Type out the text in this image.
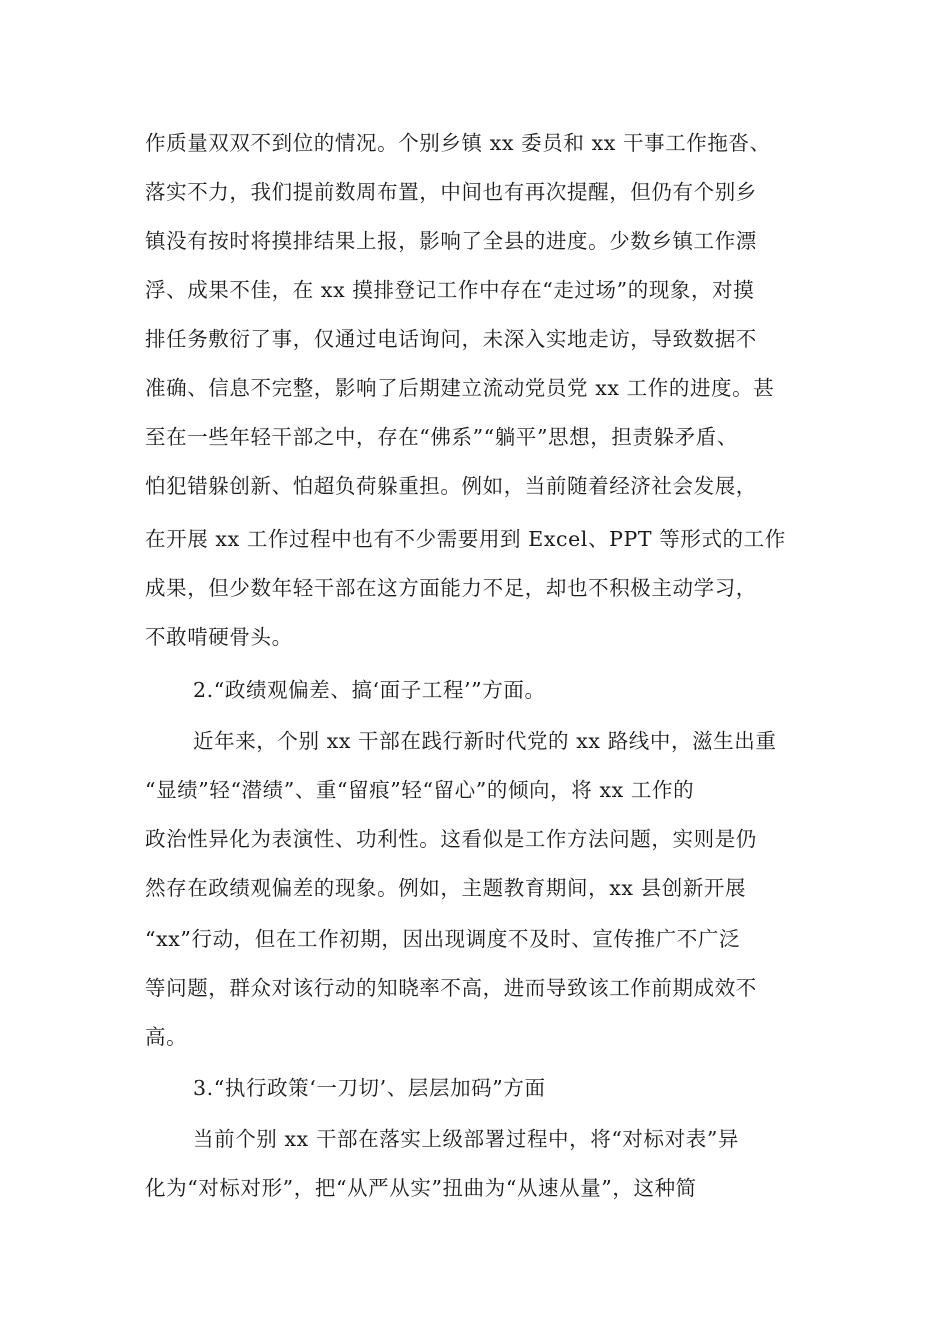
作质量双双不到位的情况。个别乡镇 xx 委员和 xx 干事工作拖沓、
落实不力，我们提前数周布置，中间也有再次提醒，但仍有个别乡
镇没有按时将摸排结果上报，影响了全县的进度。少数乡镇工作漂
浮、成果不佳，在 xx 摸排登记工作中存在“走过场”的现象，对摸
排任务敷衍了事，仅通过电话询问，未深入实地走访，导致数据不
准确、信息不完整，影响了后期建立流动党员党 xx 工作的进度。甚
至在一些年轻干部之中，存在“佛系”“躺平”思想，担责躲矛盾、
怕犯错躲创新、怕超负荷躲重担。例如，当前随着经济社会发展，
在开展 xx 工作过程中也有不少需要用到 Excel、PPT 等形式的工作
成果，但少数年轻干部在这方面能力不足，却也不积极主动学习，
不敢啃硬骨头。
2.“政绩观偏差、搞‘面子工程’”方面。
近年来，个别 xx 干部在践行新时代党的 xx 路线中，滋生出重
“显绩”轻“潜绩”、重“留痕”轻“留心”的倾向，将 xx 工作的
政治性异化为表演性、功利性。这看似是工作方法问题，实则是仍
然存在政绩观偏差的现象。例如，主题教育期间，xx 县创新开展
“xx”行动，但在工作初期，因出现调度不及时、宣传推广不广泛
等问题，群众对该行动的知晓率不高，进而导致该工作前期成效不
高。
3.“执行政策‘一刀切’、层层加码”方面
当前个别 xx 干部在落实上级部署过程中，将“对标对表”异
化为“对标对形”，把“从严从实”扭曲为“从速从量”，这种简
